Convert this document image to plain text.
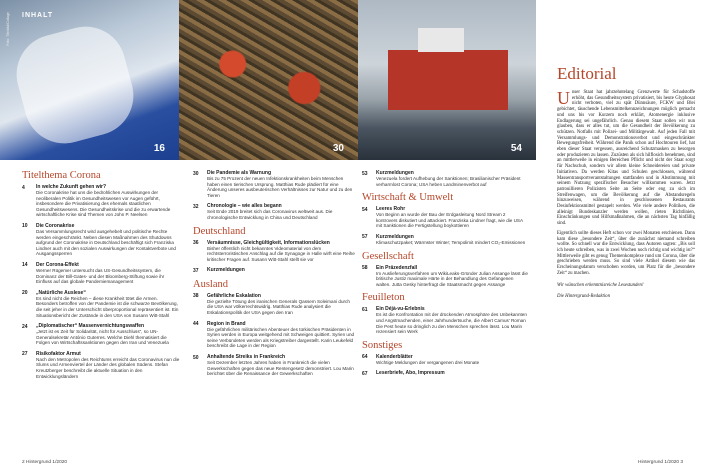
Foto: Titelbild/Collage INHALT
16	30	54
Titelthema Corona
4	In welche Zukunft gehen wir?
Die Coronakrise hat uns die bedrohlichen Auswirkungen der neoliberalen Politik im Gesundheitswesen vor Augen geführt, insbesondere die Privatisierung des ehemals staatlichen Gesundheitswesens. Die Gesundheitskrise und die zu erwartende wirtschaftliche Krise sind Themen von John P. Neelsen
10	Die Coronakrise
Das Versammlungsrecht wird ausgehebelt und politische Rechte werden eingeschränkt. Neben diesen Maßnahmen des Shutdowns aufgrund der Coronakrise in Deutschland beschäftigt sich Franziska Lindner auch mit den sozialen Auswirkungen der Kontaktverbote und Ausgangssperren
14	Der Corona-Effekt
Werner Rügemer untersucht das US-Gesundheitssystem, die Dominanz der Bill-Gates- und der Bloomberg-Stiftung sowie ihr Einfluss auf das globale Pandemiemanagement
20	„Natürliche Auslese“
Es sind nicht die Reichen – diese Krankheit tötet die Armen. Besonders betroffen von der Pandemie ist die schwarze Bevölkerung, die seit jeher in der Unterschicht überproportional repräsentiert ist. Ein Situationsbericht der Zustände in den USA von Susann Witt-Stahl
24	„Diplomatischer“ Massenvernichtungswaffen
„Jetzt ist es Zeit für Solidarität, nicht für Ausschluss“, so UN-Generalsekretär António Guterres. Welche Diehl thematisiert die Folgen von Wirtschaftssanktionen gegen den Iran und Venezuela
27	Risikofaktor Armut
Nach den Metropolen des Reichtums erreicht das Coronavirus nun die Slums und Armenviertel der Länder des globalen Südens. Stefan Kreutzberger beschreibt die aktuelle Situation in den Entwicklungsländern
30	Die Pandemie als Warnung
Bis zu 75 Prozent der neuen Infektionskrankheiten beim Menschen haben einen tierischen Ursprung. Matthias Rude plädiert für eine Änderung unseres ausbeuterischen Verhältnisses zur Natur und zu den Tieren
32	Chronologie – wie alles begann
Seit Ende 2019 breitet sich das Coronavirus weltweit aus. Die chronologische Entwicklung in China und Deutschland
Deutschland
36	Versäumnisse, Gleichgültigkeit, Informationslücken
Bisher öffentlich nicht bekanntes Videomaterial von dem rechtsterroristischen Anschlag auf die Synagoge in Halle wirft eine Reihe kritischer Fragen auf. Susann Witt-Stahl stellt sie vor
37	Kurzmeldungen
Ausland
38	Gefährliche Eskalation
Die gezielte Tötung des iranischen Generals Qassem Soleimani durch die USA war völkerrechtswidrig. Matthias Rude analysiert die Eskalationspolitik der USA gegen den Iran
44	Region in Brand
Die gefährlichen militärischen Abenteuer des türkischen Präsidenten in Syrien werden in Europa weitgehend mit Schweigen quittiert. Syrien und seine Verbündeten werden als Kriegstreiber dargestellt. Karin Leukefeld beschreibt die Lage in der Region
50	Anhaltende Streiks in Frankreich
Seit Dezember letzten Jahres haben in Frankreich die vielen Gewerkschaften gegen das neue Rentengesetz demonstriert. Lou Marin berichtet über die Renaissance der Gewerkschaften
53	Kurzmeldungen
Venezuela fordert Aufhebung der Sanktionen; Brasilianischer Präsident verharmlost Corona; USA heben Landminenverbot auf
Wirtschaft & Umwelt
54	Leeres Rohr
Von Beginn an wurde der Bau der Erdgasleitung Nord Stream 2 kontrovers diskutiert und attackiert. Franziska Lindner fragt, wie die USA mit Sanktionen die Fertigstellung boykottieren
57	Kurzmeldungen
Klimaschutzpaket; Wärmster Winter; Tempolimit mindert CO₂-Emissionen
Gesellschaft
58	Ein Präzedenzfall
Im Auslieferungsverfahren um WikiLeaks-Gründer Julian Assange lässt die britische Justiz maximale Härte in der Behandlung des Gefangenen walten. Jutta Gesky hinterfragt die Staatsmacht gegen Assange
Feuilleton
61	Ein Déjà-vu-Erlebnis
Es ist die Konfrontation mit der drückenden Atmosphäre des Unbekannten und Angstmachenden, einer Jahrhundertsuche, die Albert Camus' Roman Die Pest heute so dringlich zu den Menschen sprechen lässt. Lou Marin rezensiert sein Werk
Sonstiges
64	Kalenderblätter
Wichtige Meldungen der vergangenen drei Monate
67	Leserbriefe, Abo, Impressum
Editorial

Unser Staat hat jahrzehntelang Grenzwerte für Schadstoffe erhöht, das Gesundheitssystem privatisiert, bis heute Glyphosat nicht verboten, viel zu spät Dünnsäure, FCKW und Blei gebichtet, täuschende Lebensmittelkennzeichnungen möglich gemacht und uns bis vor Kurzem noch erklärt, Atomenergie inklusive Endlagerung sei ungefährlich. Genau diesem Staat sollen wir nun glauben, dass er alles tut, um die Gesundheit der Bevölkerung zu schützen. Notfalls mit Polizei- und Militärgewalt. Auf jeden Fall mit Versammlungs- und Demonstrationsverbot und eingeschränkter Bewegungsfreiheit. Während die Panik schon auf Hochtouren lief, hat eben dieser Staat vergessen, ausreichend Schutzmasken zu besorgen oder produzieren zu lassen. Zuzüsten als sich hilflosich benehmen, sind an mittlerweile in einigen Bereichen Pflicht und nicht der Staat sorgt für Nachschub, sondern wir allem kleine Schneidereien und private Initiativen. Da werden Kitas und Schulen geschlossen, während Massentransportverantstaltungen stattfanden und in Abstimmung mit seinem Nutzung spezifischer Besucher willkommen waren. Jetzt patrouillieren Polizisten Seite an Seite oder eng zu sich im Streifenwagen, um die Bevölkerung auf die Abstandsregeln hinzuweisen, während in geschlossenen Restaurants Desinfektionsmittel gestapelt werden. Wie viele andere Politiken, die alleinigt Bundeskanzler werden wollen, rieten Richtlinien, Einschränkungen und Hilfsmaßnahmen, die an nächsten Tag hinfällig sind.

Eigentlich sollte dieses Heft schon vor zwei Monaten erschienen. Dann kam diese „besondere Zeit“, über die zunächst niemand schreiben wollte. So schnell war die Entwicklung, dass Autoren sagten: „Bis soll ich heute schreiben, was in zwei Wochen noch richtig und wichtig ist?“ Mittlerweile gibt es genug Themenkomplexe rund um Corona, über die geschrieben werden muss. So sind viele Artikel diesem wie das Erscheinungsdatum verschoben worden, um Platz für die „besondere Zeit“ zu machen.

Wir wünschen erkenntnisreiche Lesestunden!

Die Hintergrund-Redaktion

2 Hintergrund 1/2020	Hintergrund 1/2020 3
